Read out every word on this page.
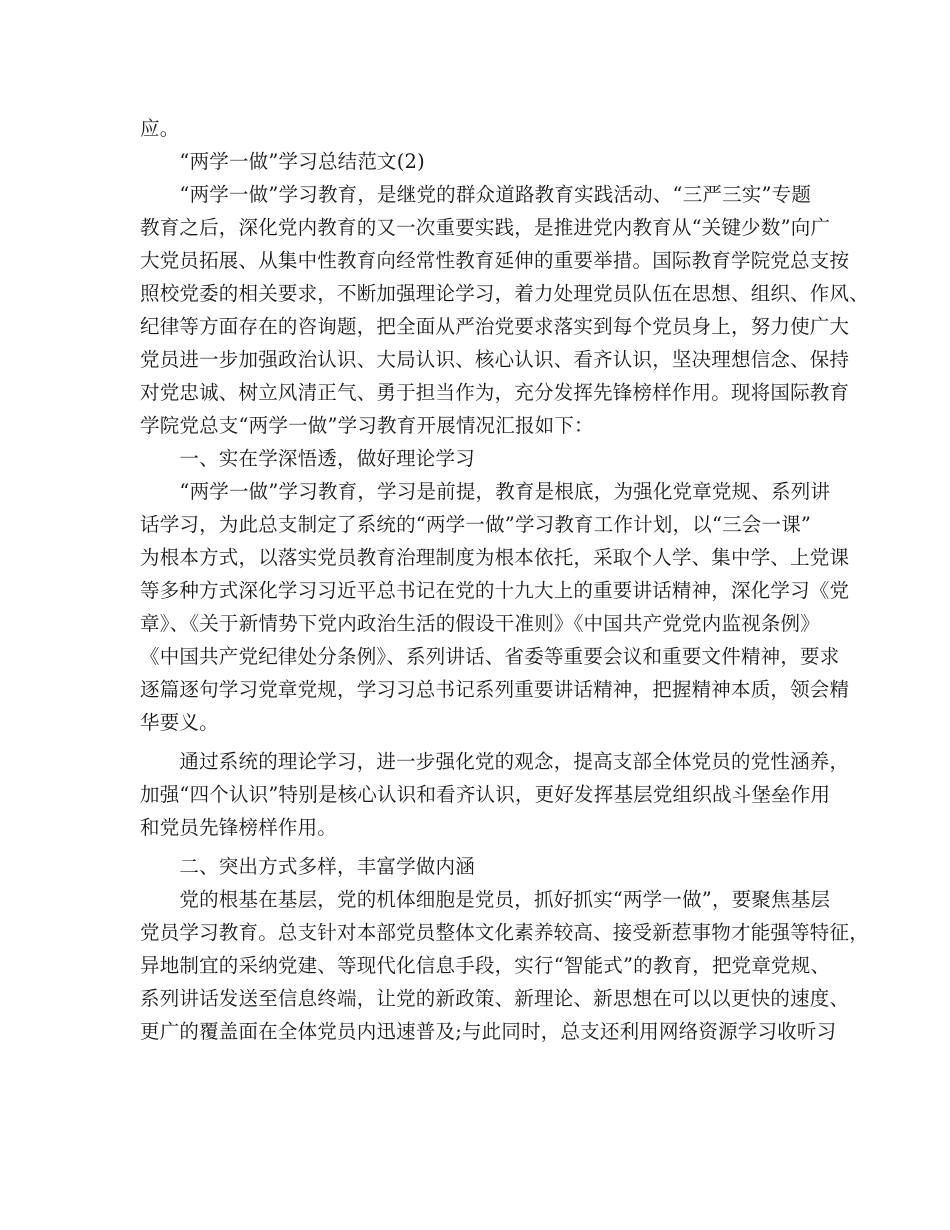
应。
　　“两学一做”学习总结范文(2)
　　“两学一做”学习教育，是继党的群众道路教育实践活动、“三严三实”专题
教育之后，深化党内教育的又一次重要实践，是推进党内教育从“关键少数”向广
大党员拓展、从集中性教育向经常性教育延伸的重要举措。国际教育学院党总支按
照校党委的相关要求，不断加强理论学习，着力处理党员队伍在思想、组织、作风、
纪律等方面存在的咨询题，把全面从严治党要求落实到每个党员身上，努力使广大
党员进一步加强政治认识、大局认识、核心认识、看齐认识，坚决理想信念、保持
对党忠诚、树立风清正气、勇于担当作为，充分发挥先锋榜样作用。现将国际教育
学院党总支“两学一做”学习教育开展情况汇报如下：
　　一、实在学深悟透，做好理论学习
　　“两学一做”学习教育，学习是前提，教育是根底，为强化党章党规、系列讲
话学习，为此总支制定了系统的“两学一做”学习教育工作计划，以“三会一课”
为根本方式，以落实党员教育治理制度为根本依托，采取个人学、集中学、上党课
等多种方式深化学习习近平总书记在党的十九大上的重要讲话精神，深化学习《党
章》、《关于新情势下党内政治生活的假设干准则》《中国共产党党内监视条例》
《中国共产党纪律处分条例》、系列讲话、省委等重要会议和重要文件精神，要求
逐篇逐句学习党章党规，学习习总书记系列重要讲话精神，把握精神本质，领会精
华要义。
　　通过系统的理论学习，进一步强化党的观念，提高支部全体党员的党性涵养，
加强“四个认识”特别是核心认识和看齐认识，更好发挥基层党组织战斗堡垒作用
和党员先锋榜样作用。
　　二、突出方式多样，丰富学做内涵
　　党的根基在基层，党的机体细胞是党员，抓好抓实“两学一做”，要聚焦基层
党员学习教育。总支针对本部党员整体文化素养较高、接受新惹事物才能强等特征，
异地制宜的采纳党建、等现代化信息手段，实行“智能式”的教育，把党章党规、
系列讲话发送至信息终端，让党的新政策、新理论、新思想在可以以更快的速度、
更广的覆盖面在全体党员内迅速普及;与此同时，总支还利用网络资源学习收听习
